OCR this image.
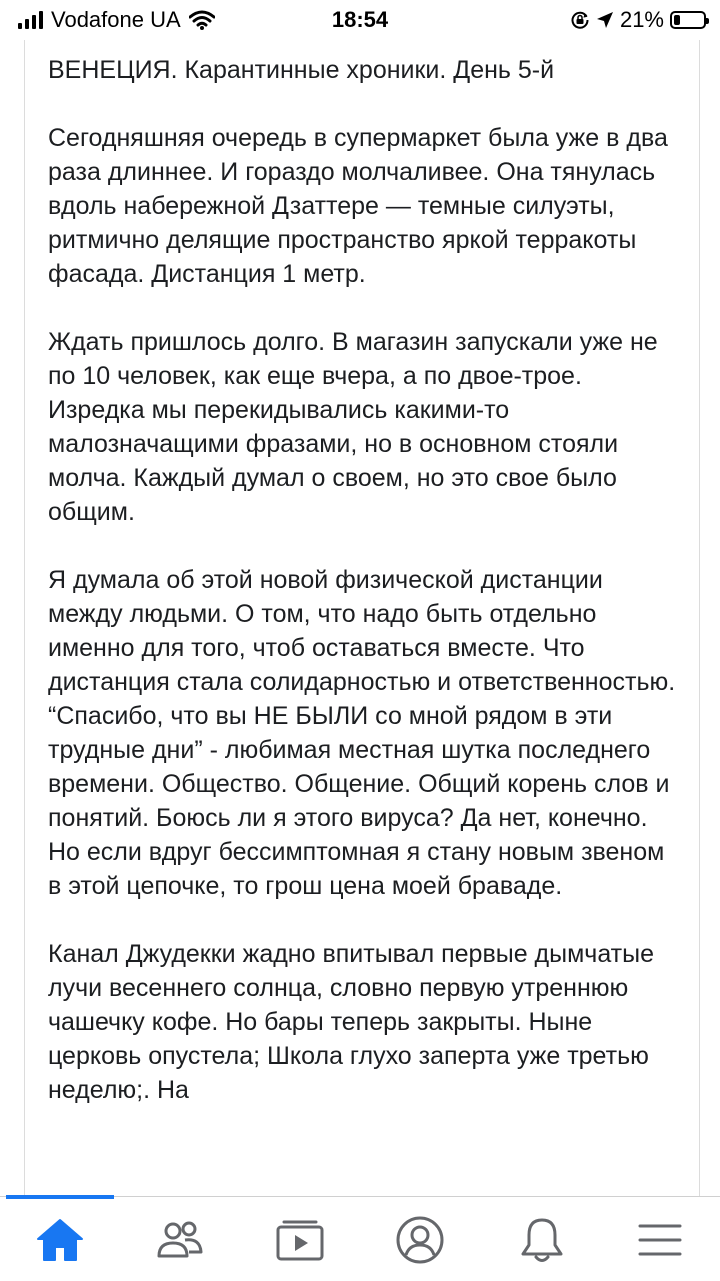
Vodafone UA	18:54	21%

ВЕНЕЦИЯ. Карантинные хроники. День 5-й

Сегодняшняя очередь в супермаркет была уже в два раза длиннее. И гораздо молчаливее. Она тянулась вдоль набережной Дзаттере — темные силуэты, ритмично делящие пространство яркой терракоты фасада. Дистанция 1 метр.

Ждать пришлось долго. В магазин запускали уже не по 10 человек, как еще вчера, а по двое-трое. Изредка мы перекидывались какими-то малозначащими фразами, но в основном стояли молча. Каждый думал о своем, но это свое было общим.

Я думала об этой новой физической дистанции между людьми. О том, что надо быть отдельно именно для того, чтоб оставаться вместе. Что дистанция стала солидарностью и ответственностью. “Спасибо, что вы НЕ БЫЛИ со мной рядом в эти трудные дни” - любимая местная шутка последнего времени. Общество. Общение. Общий корень слов и понятий. Боюсь ли я этого вируса? Да нет, конечно. Но если вдруг бессимптомная я стану новым звеном в этой цепочке, то грош цена моей браваде.

Канал Джудекки жадно впитывал первые дымчатые лучи весеннего солнца, словно первую утреннюю чашечку кофе. Но бары теперь закрыты. Ныне церковь опустела; Школа глухо заперта уже третью неделю;. На
